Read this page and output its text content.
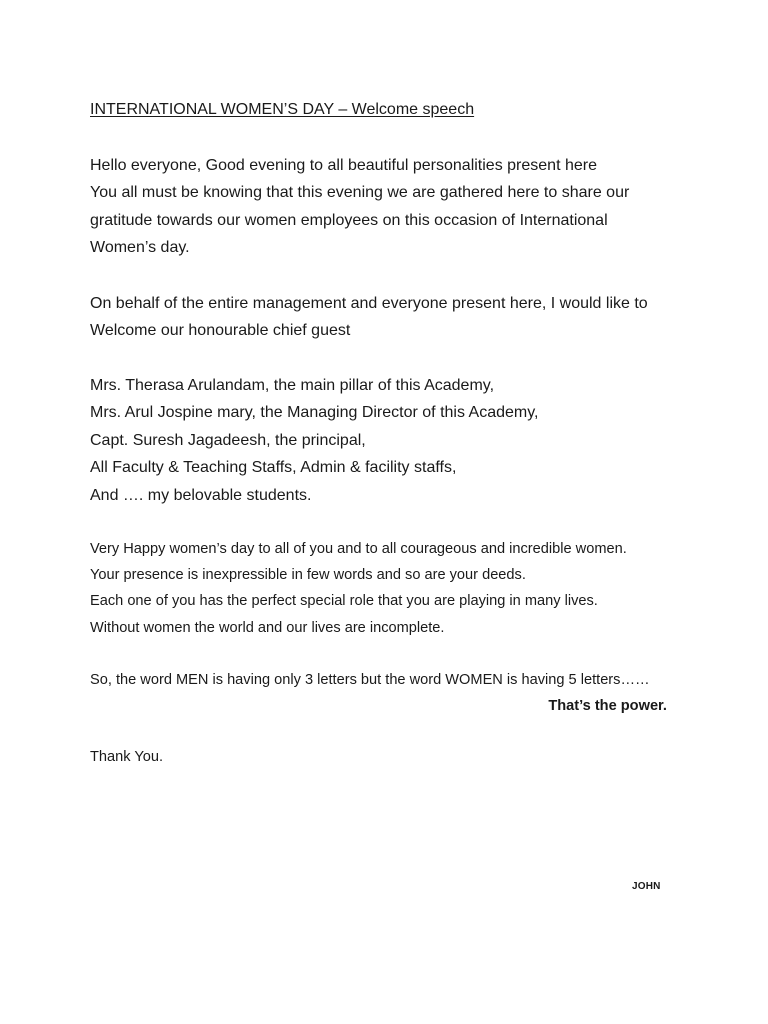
INTERNATIONAL WOMEN’S DAY – Welcome speech
Hello everyone, Good evening to all beautiful personalities present here
You all must be knowing that this evening we are gathered here to share our
gratitude towards our women employees on this occasion of International
Women’s day.
On behalf of the entire management and everyone present here, I would like to
Welcome our honourable chief guest
Mrs. Therasa Arulandam, the main pillar of this Academy,
Mrs. Arul Jospine mary, the Managing Director of this Academy,
Capt. Suresh Jagadeesh, the principal,
All Faculty & Teaching Staffs, Admin & facility staffs,
And …. my belovable students.
Very Happy women’s day to all of you and to all courageous and incredible women.
Your presence is inexpressible in few words and so are your deeds.
Each one of you has the perfect special role that you are playing in many lives.
Without women the world and our lives are incomplete.
So, the word MEN is having only 3 letters but the word WOMEN is having 5 letters……
That’s the power.
Thank You.
JOHN
